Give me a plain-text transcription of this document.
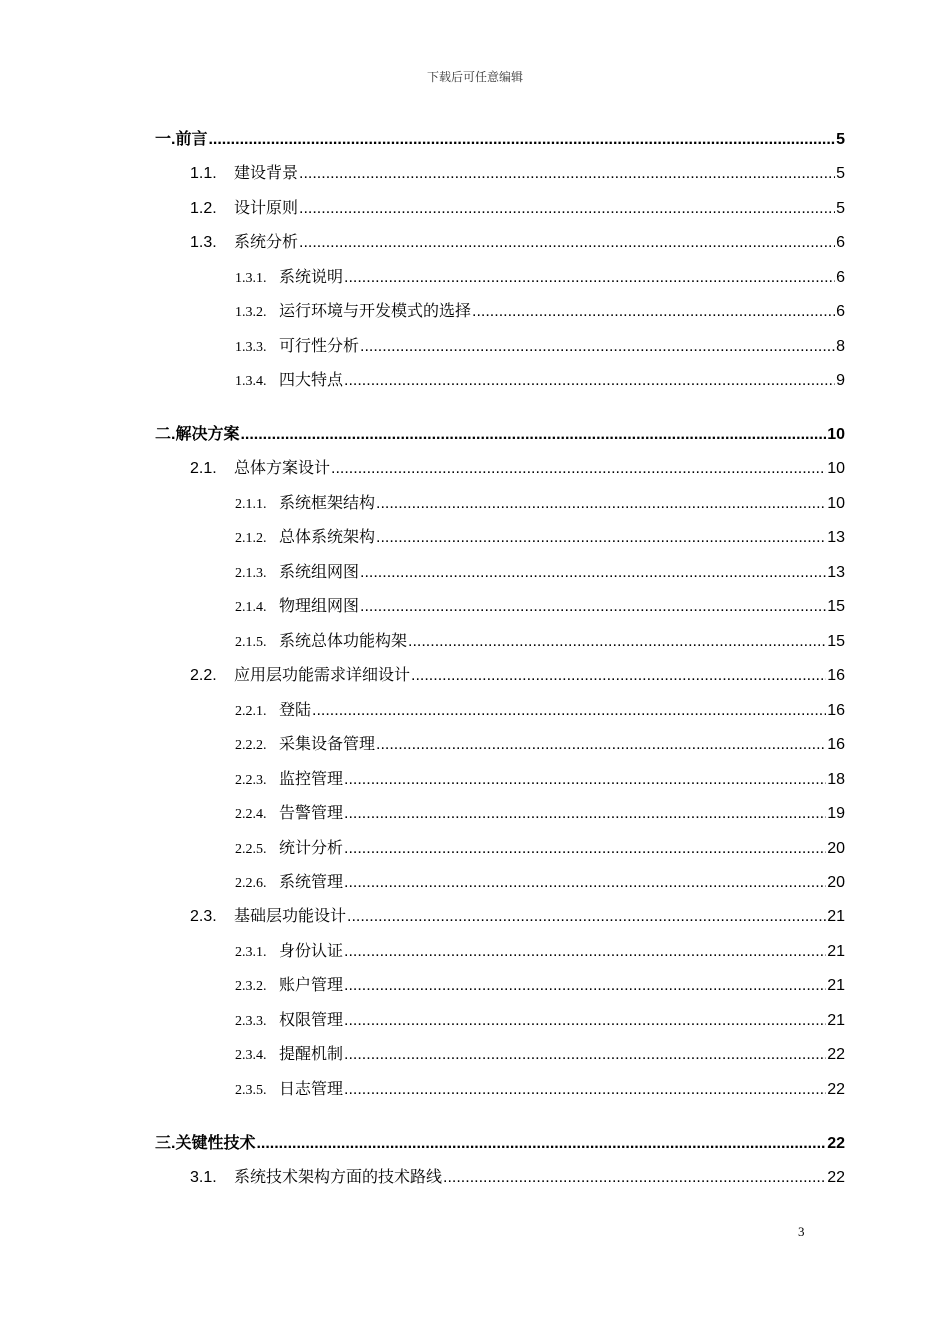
下载后可任意编辑
一.前言 .....	5
1.1.	建设背景 .....	5
1.2.	设计原则 .....	5
1.3.	系统分析 .....	6
1.3.1. 系统说明 .....	6
1.3.2. 运行环境与开发模式的选择 .....	6
1.3.3. 可行性分析 .....	8
1.3.4. 四大特点 .....	9
二.解决方案 .....	10
2.1.	总体方案设计 .....	10
2.1.1. 系统框架结构 .....	10
2.1.2. 总体系统架构 .....	13
2.1.3. 系统组网图 .....	13
2.1.4. 物理组网图 .....	15
2.1.5. 系统总体功能构架 .....	15
2.2.	应用层功能需求详细设计 .....	16
2.2.1. 登陆 .....	16
2.2.2. 采集设备管理 .....	16
2.2.3. 监控管理 .....	18
2.2.4. 告警管理 .....	19
2.2.5. 统计分析 .....	20
2.2.6. 系统管理 .....	20
2.3.	基础层功能设计 .....	21
2.3.1. 身份认证 .....	21
2.3.2. 账户管理 .....	21
2.3.3. 权限管理 .....	21
2.3.4. 提醒机制 .....	22
2.3.5. 日志管理 .....	22
三.关键性技术 .....	22
3.1.	系统技术架构方面的技术路线 .....	22
3
